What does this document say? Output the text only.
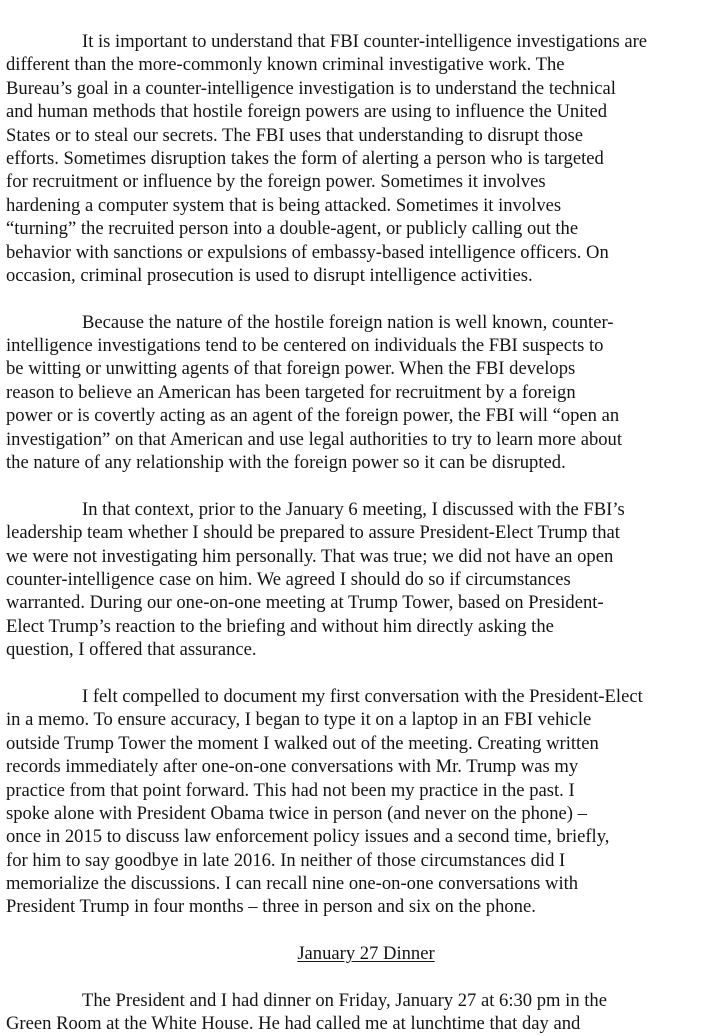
It is important to understand that FBI counter-intelligence investigations are
different than the more-commonly known criminal investigative work. The
Bureau’s goal in a counter-intelligence investigation is to understand the technical
and human methods that hostile foreign powers are using to influence the United
States or to steal our secrets. The FBI uses that understanding to disrupt those
efforts. Sometimes disruption takes the form of alerting a person who is targeted
for recruitment or influence by the foreign power. Sometimes it involves
hardening a computer system that is being attacked. Sometimes it involves
“turning” the recruited person into a double-agent, or publicly calling out the
behavior with sanctions or expulsions of embassy-based intelligence officers. On
occasion, criminal prosecution is used to disrupt intelligence activities.
Because the nature of the hostile foreign nation is well known, counter-
intelligence investigations tend to be centered on individuals the FBI suspects to
be witting or unwitting agents of that foreign power. When the FBI develops
reason to believe an American has been targeted for recruitment by a foreign
power or is covertly acting as an agent of the foreign power, the FBI will “open an
investigation” on that American and use legal authorities to try to learn more about
the nature of any relationship with the foreign power so it can be disrupted.
In that context, prior to the January 6 meeting, I discussed with the FBI’s
leadership team whether I should be prepared to assure President-Elect Trump that
we were not investigating him personally. That was true; we did not have an open
counter-intelligence case on him. We agreed I should do so if circumstances
warranted. During our one-on-one meeting at Trump Tower, based on President-
Elect Trump’s reaction to the briefing and without him directly asking the
question, I offered that assurance.
I felt compelled to document my first conversation with the President-Elect
in a memo. To ensure accuracy, I began to type it on a laptop in an FBI vehicle
outside Trump Tower the moment I walked out of the meeting. Creating written
records immediately after one-on-one conversations with Mr. Trump was my
practice from that point forward. This had not been my practice in the past. I
spoke alone with President Obama twice in person (and never on the phone) –
once in 2015 to discuss law enforcement policy issues and a second time, briefly,
for him to say goodbye in late 2016. In neither of those circumstances did I
memorialize the discussions. I can recall nine one-on-one conversations with
President Trump in four months – three in person and six on the phone.
January 27 Dinner
The President and I had dinner on Friday, January 27 at 6:30 pm in the
Green Room at the White House. He had called me at lunchtime that day and
